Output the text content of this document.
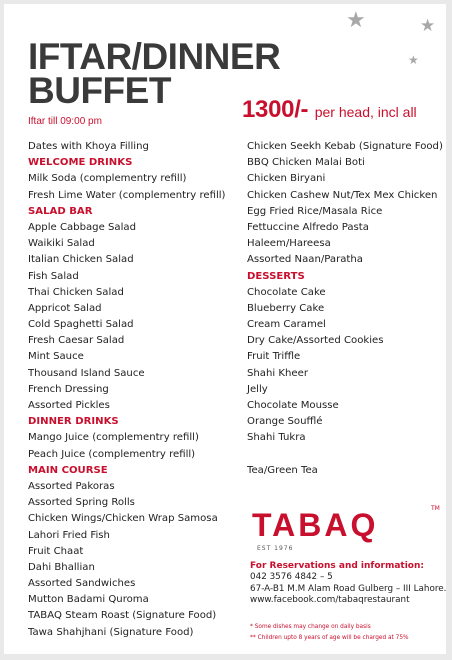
★	★
★
IFTAR/DINNER
BUFFET
Iftar till 09:00 pm	1300/- per head, incl all
Dates with Khoya Filling
WELCOME DRINKS
Milk Soda (complementry refill)
Fresh Lime Water (complementry refill)
SALAD BAR
Apple Cabbage Salad
Waikiki Salad
Italian Chicken Salad
Fish Salad
Thai Chicken Salad
Appricot Salad
Cold Spaghetti Salad
Fresh Caesar Salad
Mint Sauce
Thousand Island Sauce
French Dressing
Assorted Pickles
DINNER DRINKS
Mango Juice (complementry refill)
Peach Juice (complementry refill)
MAIN COURSE
Assorted Pakoras
Assorted Spring Rolls
Chicken Wings/Chicken Wrap Samosa
Lahori Fried Fish
Fruit Chaat
Dahi Bhallian
Assorted Sandwiches
Mutton Badami Quroma
TABAQ Steam Roast (Signature Food)
Tawa Shahjhani (Signature Food)
Chicken Seekh Kebab (Signature Food)
BBQ Chicken Malai Boti
Chicken Biryani
Chicken Cashew Nut/Tex Mex Chicken
Egg Fried Rice/Masala Rice
Fettuccine Alfredo Pasta
Haleem/Hareesa
Assorted Naan/Paratha
DESSERTS
Chocolate Cake
Blueberry Cake
Cream Caramel
Dry Cake/Assorted Cookies
Fruit Triffle
Shahi Kheer
Jelly
Chocolate Mousse
Orange Soufflé
Shahi Tukra
Tea/Green Tea
TABAQ	TM
EST 1976
For Reservations and information:
042 3576 4842 – 5
67-A-B1 M.M Alam Road Gulberg – III Lahore.
www.facebook.com/tabaqrestaurant
* Some dishes may change on daily basis
** Children upto 8 years of age will be charged at 75%
